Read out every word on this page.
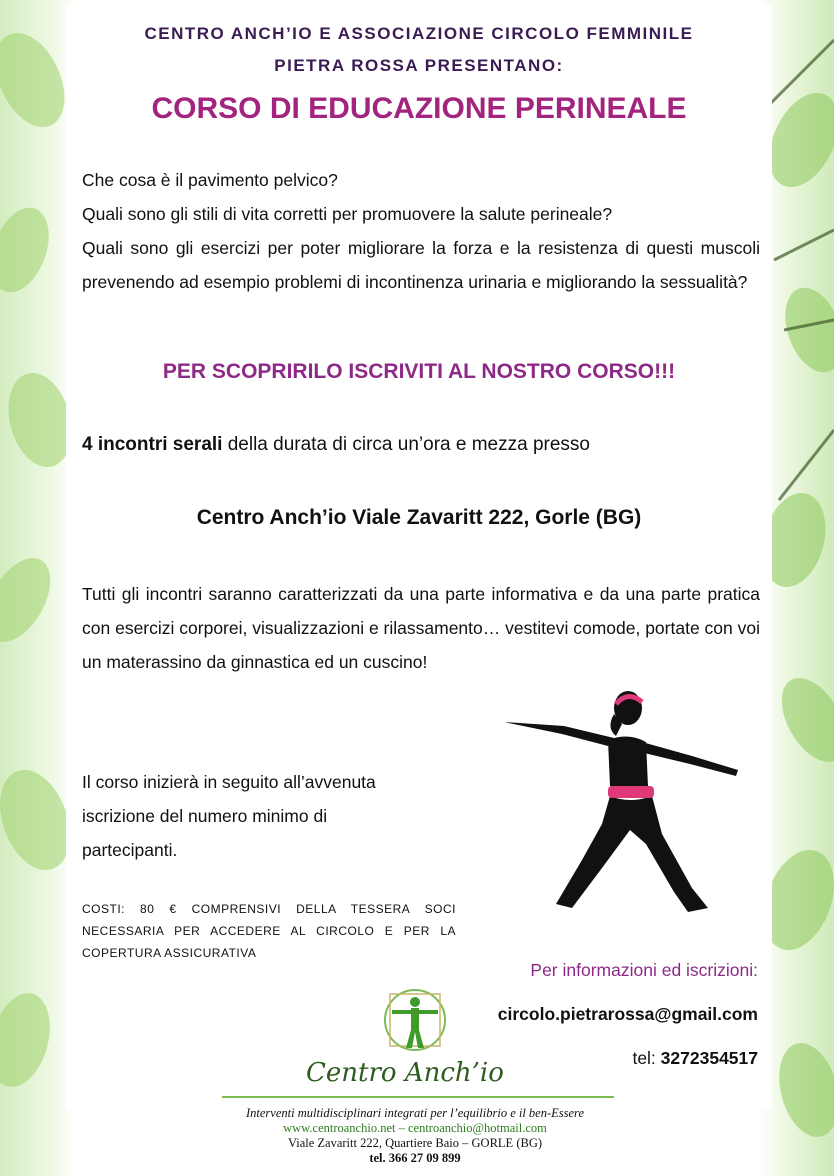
CENTRO ANCH’IO E ASSOCIAZIONE CIRCOLO FEMMINILE
PIETRA ROSSA PRESENTANO:
CORSO DI EDUCAZIONE PERINEALE

Che cosa è il pavimento pelvico?

Quali sono gli stili di vita corretti per promuovere la salute perineale?

Quali sono gli esercizi per poter migliorare la forza e la resistenza di questi muscoli prevenendo ad esempio problemi di incontinenza urinaria e migliorando la sessualità?

PER SCOPRIRILO ISCRIVITI AL NOSTRO CORSO!!!
4 incontri serali della durata di circa un’ora e mezza presso
Centro Anch’io Viale Zavaritt 222, Gorle (BG)
Tutti gli incontri saranno caratterizzati da una parte informativa e da una parte pratica con esercizi corporei, visualizzazioni e rilassamento… vestitevi comode, portate con voi un materassino da ginnastica ed un cuscino!
Il corso inizierà in seguito all’avvenuta iscrizione del numero minimo di partecipanti.
COSTI: 80 € COMPRENSIVI DELLA TESSERA SOCI NECESSARIA PER ACCEDERE AL CIRCOLO E PER LA COPERTURA ASSICURATIVA
Per informazioni ed iscrizioni:
circolo.pietrarossa@gmail.com
tel: 3272354517
Centro Anch’io
Interventi multidisciplinari integrati per l’equilibrio e il ben-Essere
www.centroanchio.net – centroanchio@hotmail.com
Viale Zavaritt 222, Quartiere Baio – GORLE (BG)
tel. 366 27 09 899
